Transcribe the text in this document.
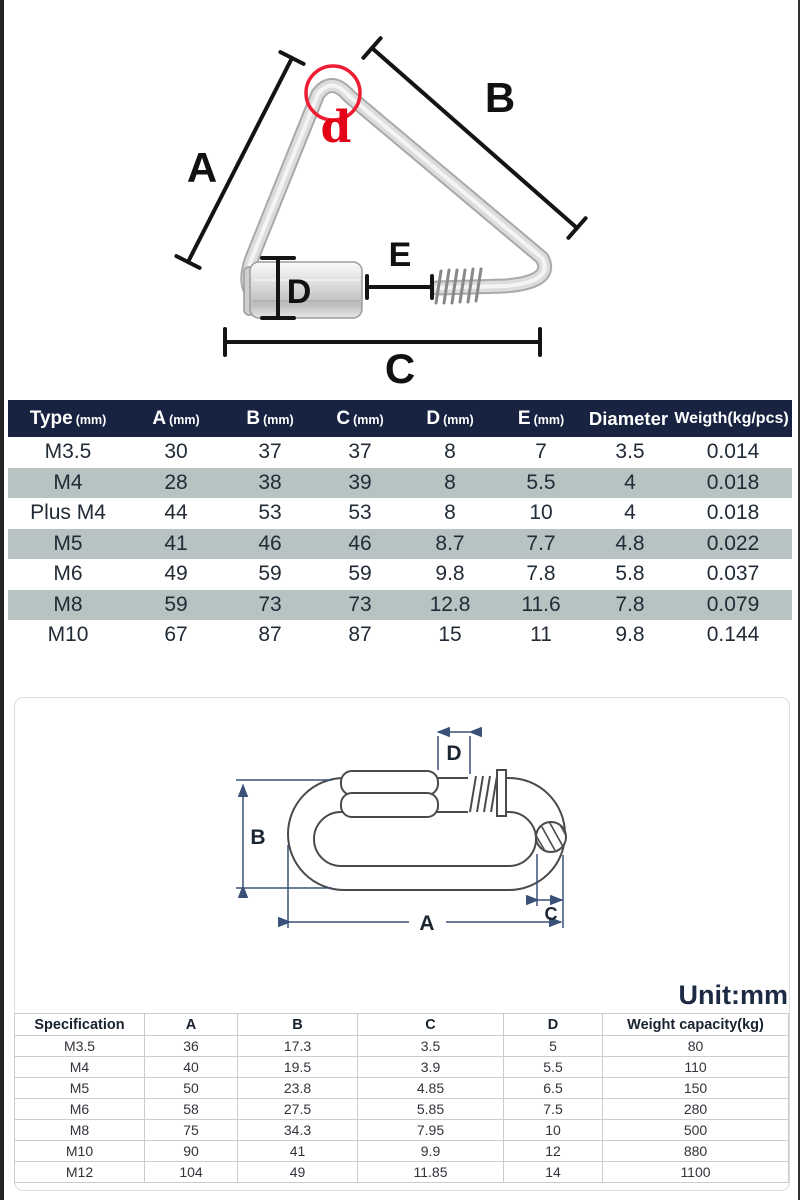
A
B
C
D
E
d
Type (mm) A (mm) B (mm) C (mm) D (mm) E (mm) Diameter Weigth(kg/pcs)
M3.5	30	37	37	8	7	3.5	0.014
M4	28	38	39	8	5.5	4	0.018
Plus M4	44	53	53	8	10	4	0.018
M5	41	46	46	8.7	7.7	4.8	0.022
M6	49	59	59	9.8	7.8	5.8	0.037
M8	59	73	73	12.8	11.6	7.8	0.079
M10	67	87	87	15	11	9.8	0.144
D
B
A	C
Unit:mm
Specification	A	B	C	D	Weight capacity(kg)
M3.5	36	17.3	3.5	5	80
M4	40	19.5	3.9	5.5	110
M5	50	23.8	4.85	6.5	150
M6	58	27.5	5.85	7.5	280
M8	75	34.3	7.95	10	500
M10	90	41	9.9	12	880
M12	104	49	11.85	14	1100
